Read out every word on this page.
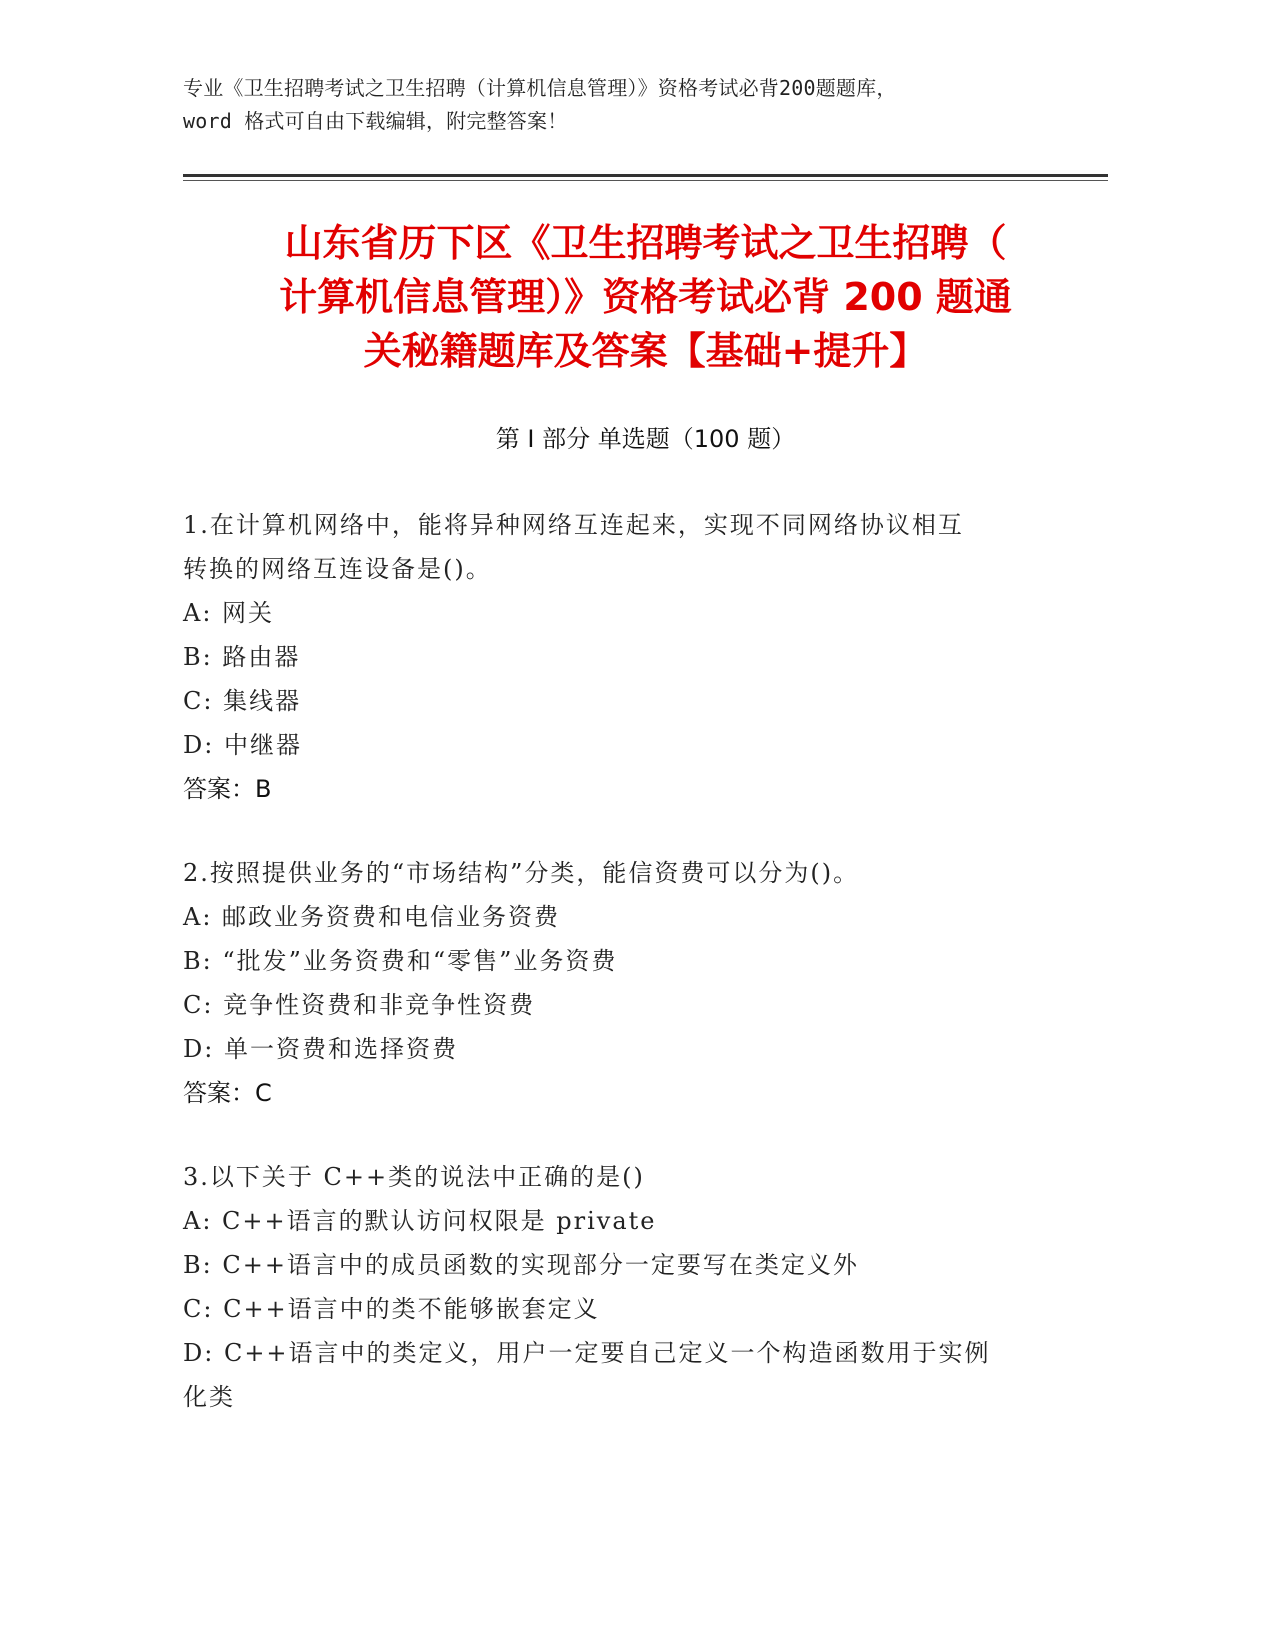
专业《卫生招聘考试之卫生招聘（计算机信息管理）》资格考试必背200题题库，
word 格式可自由下载编辑，附完整答案！
山东省历下区《卫生招聘考试之卫生招聘（
计算机信息管理）》资格考试必背 200 题通
关秘籍题库及答案【基础+提升】
第 I 部分 单选题（100 题）
1.在计算机网络中，能将异种网络互连起来，实现不同网络协议相互
转换的网络互连设备是()。
A: 网关
B: 路由器
C: 集线器
D: 中继器
答案：B
2.按照提供业务的“市场结构”分类，能信资费可以分为()。
A: 邮政业务资费和电信业务资费
B: “批发”业务资费和“零售”业务资费
C: 竞争性资费和非竞争性资费
D: 单一资费和选择资费
答案：C
3.以下关于 C++类的说法中正确的是()
A: C++语言的默认访问权限是 private
B: C++语言中的成员函数的实现部分一定要写在类定义外
C: C++语言中的类不能够嵌套定义
D: C++语言中的类定义，用户一定要自己定义一个构造函数用于实例
化类
